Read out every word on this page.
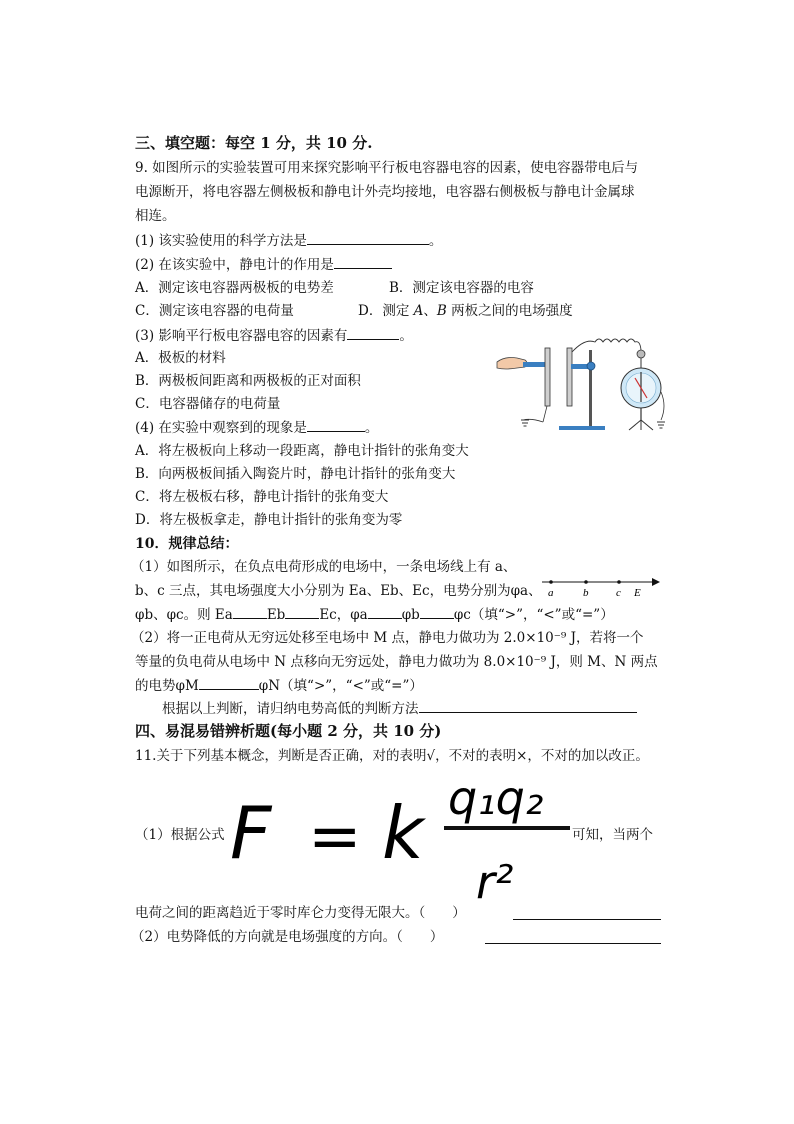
三、填空题：每空 1 分，共 10 分.
9. 如图所示的实验装置可用来探究影响平行板电容器电容的因素，使电容器带电后与
电源断开，将电容器左侧极板和静电计外壳均接地，电容器右侧极板与静电计金属球
相连。
(1) 该实验使用的科学方法是	。
(2) 在该实验中，静电计的作用是
A．测定该电容器两极板的电势差	B．测定该电容器的电容
C．测定该电容器的电荷量	D．测定 A、B 两板之间的电场强度
(3) 影响平行板电容器电容的因素有	。
A．极板的材料
B．两极板间距离和两极板的正对面积
C．电容器储存的电荷量
(4) 在实验中观察到的现象是	。
A．将左极板向上移动一段距离，静电计指针的张角变大
B．向两极板间插入陶瓷片时，静电计指针的张角变大
C．将左极板右移，静电计指针的张角变大
D．将左极板拿走，静电计指针的张角变为零
10．规律总结：
（1）如图所示，在负点电荷形成的电场中，一条电场线上有 a、
b、c 三点，其电场强度大小分别为 Ea、Eb、Ec，电势分别为φa、 a	b	c E
φb、φc。则 Ea	Eb	Ec，φa	φb	φc（填“>”，“<”或“=”）
（2）将一正电荷从无穷远处移至电场中 M 点，静电力做功为 2.0×10⁻⁹ J，若将一个
等量的负电荷从电场中 N 点移向无穷远处，静电力做功为 8.0×10⁻⁹ J，则 M、N 两点
的电势φM	φN（填“>”，“<”或“=”）
根据以上判断，请归纳电势高低的判断方法
四、易混易错辨析题(每小题 2 分，共 10 分)
11.关于下列基本概念，判断是否正确，对的表明√，不对的表明×，不对的加以改正。
（1）根据公式 F = k q₁q₂
r²
可知，当两个
电荷之间的距离趋近于零时库仑力变得无限大。（　　）
（2）电势降低的方向就是电场强度的方向。（　　）
